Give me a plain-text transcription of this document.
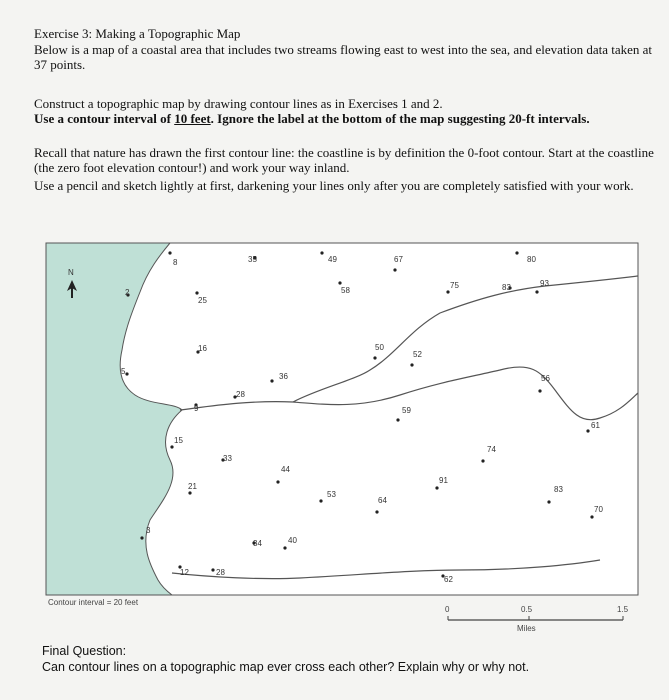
Exercise 3: Making a Topographic Map
Below is a map of a coastal area that includes two streams flowing east to west into the sea, and elevation data taken at 37 points.
Construct a topographic map by drawing contour lines as in Exercises 1 and 2.
Use a contour interval of 10 feet. Ignore the label at the bottom of the map suggesting 20-ft intervals.
Recall that nature has drawn the first contour line: the coastline is by definition the 0-foot contour. Start at the coastline (the zero foot elevation contour!) and work your way inland.
Use a pencil and sketch lightly at first, darkening your lines only after you are completely satisfied with your work.
N
8	35	49	67	80
2
25
58
75	83	93
16	50
52
5
36
28
56
9	59
61
15
74
33
44
91
21
53
64
83
70
3
34	40
12	28
62
Contour interval = 20 feet
0	0.5	1.5
Miles
Final Question:
Can contour lines on a topographic map ever cross each other? Explain why or why not.
